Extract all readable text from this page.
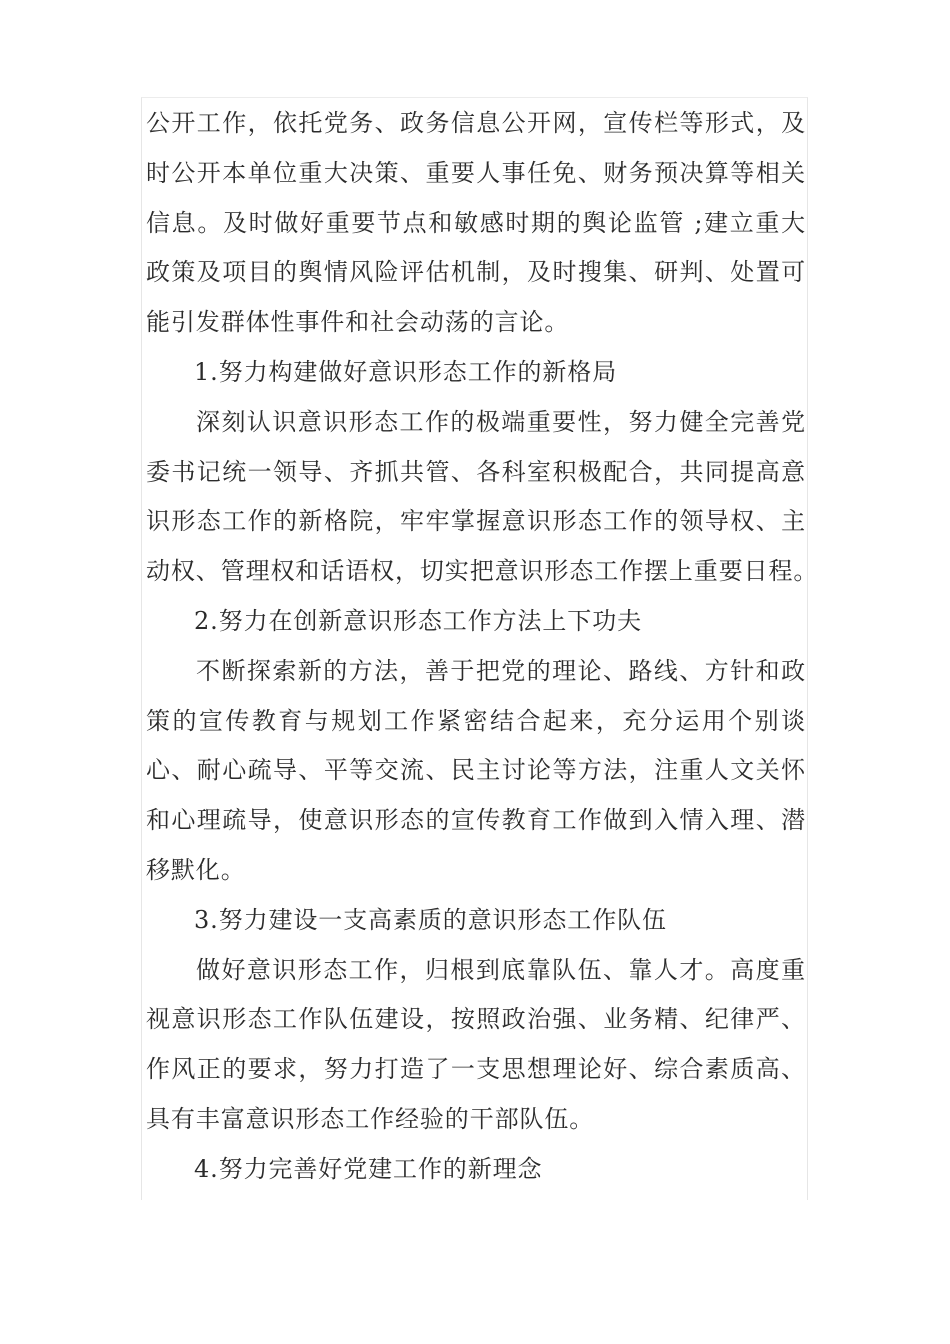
公开工作，依托党务、政务信息公开网，宣传栏等形式，及
时公开本单位重大决策、重要人事任免、财务预决算等相关
信息。及时做好重要节点和敏感时期的舆论监管 ;建立重大
政策及项目的舆情风险评估机制，及时搜集、研判、处置可
能引发群体性事件和社会动荡的言论。
1.努力构建做好意识形态工作的新格局
深刻认识意识形态工作的极端重要性，努力健全完善党
委书记统一领导、齐抓共管、各科室积极配合，共同提高意
识形态工作的新格院，牢牢掌握意识形态工作的领导权、主
动权、管理权和话语权，切实把意识形态工作摆上重要日程。
2.努力在创新意识形态工作方法上下功夫
不断探索新的方法，善于把党的理论、路线、方针和政
策的宣传教育与规划工作紧密结合起来，充分运用个别谈
心、耐心疏导、平等交流、民主讨论等方法，注重人文关怀
和心理疏导，使意识形态的宣传教育工作做到入情入理、潜
移默化。
3.努力建设一支高素质的意识形态工作队伍
做好意识形态工作，归根到底靠队伍、靠人才。高度重
视意识形态工作队伍建设，按照政治强、业务精、纪律严、
作风正的要求，努力打造了一支思想理论好、综合素质高、
具有丰富意识形态工作经验的干部队伍。
4.努力完善好党建工作的新理念
